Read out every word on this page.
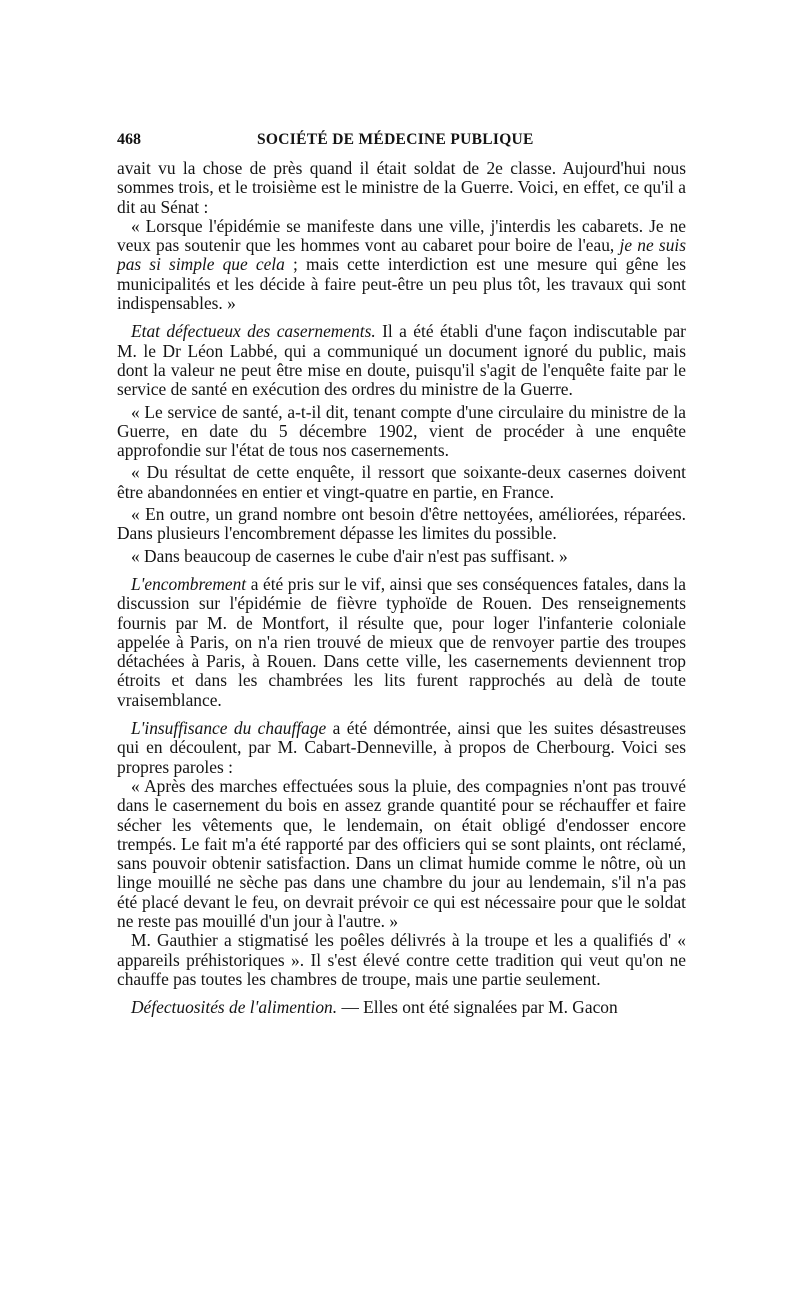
468	SOCIÉTÉ DE MÉDECINE PUBLIQUE

avait vu la chose de près quand il était soldat de 2e classe. Aujourd'hui nous sommes trois, et le troisième est le ministre de la Guerre. Voici, en effet, ce qu'il a dit au Sénat :

« Lorsque l'épidémie se manifeste dans une ville, j'interdis les cabarets. Je ne veux pas soutenir que les hommes vont au cabaret pour boire de l'eau, je ne suis pas si simple que cela ; mais cette interdiction est une mesure qui gêne les municipalités et les décide à faire peut-être un peu plus tôt, les travaux qui sont indispensables. »

Etat défectueux des casernements. Il a été établi d'une façon indiscutable par M. le Dr Léon Labbé, qui a communiqué un document ignoré du public, mais dont la valeur ne peut être mise en doute, puisqu'il s'agit de l'enquête faite par le service de santé en exécution des ordres du ministre de la Guerre.

« Le service de santé, a-t-il dit, tenant compte d'une circulaire du ministre de la Guerre, en date du 5 décembre 1902, vient de procéder à une enquête approfondie sur l'état de tous nos casernements.

« Du résultat de cette enquête, il ressort que soixante-deux casernes doivent être abandonnées en entier et vingt-quatre en partie, en France.

« En outre, un grand nombre ont besoin d'être nettoyées, améliorées, réparées. Dans plusieurs l'encombrement dépasse les limites du possible.

« Dans beaucoup de casernes le cube d'air n'est pas suffisant. »

L'encombrement a été pris sur le vif, ainsi que ses conséquences fatales, dans la discussion sur l'épidémie de fièvre typhoïde de Rouen. Des renseignements fournis par M. de Montfort, il résulte que, pour loger l'infanterie coloniale appelée à Paris, on n'a rien trouvé de mieux que de renvoyer partie des troupes détachées à Paris, à Rouen. Dans cette ville, les casernements deviennent trop étroits et dans les chambrées les lits furent rapprochés au delà de toute vraisemblance.

L'insuffisance du chauffage a été démontrée, ainsi que les suites désastreuses qui en découlent, par M. Cabart-Denneville, à propos de Cherbourg. Voici ses propres paroles :

« Après des marches effectuées sous la pluie, des compagnies n'ont pas trouvé dans le casernement du bois en assez grande quantité pour se réchauffer et faire sécher les vêtements que, le lendemain, on était obligé d'endosser encore trempés. Le fait m'a été rapporté par des officiers qui se sont plaints, ont réclamé, sans pouvoir obtenir satisfaction. Dans un climat humide comme le nôtre, où un linge mouillé ne sèche pas dans une chambre du jour au lendemain, s'il n'a pas été placé devant le feu, on devrait prévoir ce qui est nécessaire pour que le soldat ne reste pas mouillé d'un jour à l'autre. »

M. Gauthier a stigmatisé les poêles délivrés à la troupe et les a qualifiés d' « appareils préhistoriques ». Il s'est élevé contre cette tradition qui veut qu'on ne chauffe pas toutes les chambres de troupe, mais une partie seulement.

Défectuosités de l'alimention. — Elles ont été signalées par M. Gacon
